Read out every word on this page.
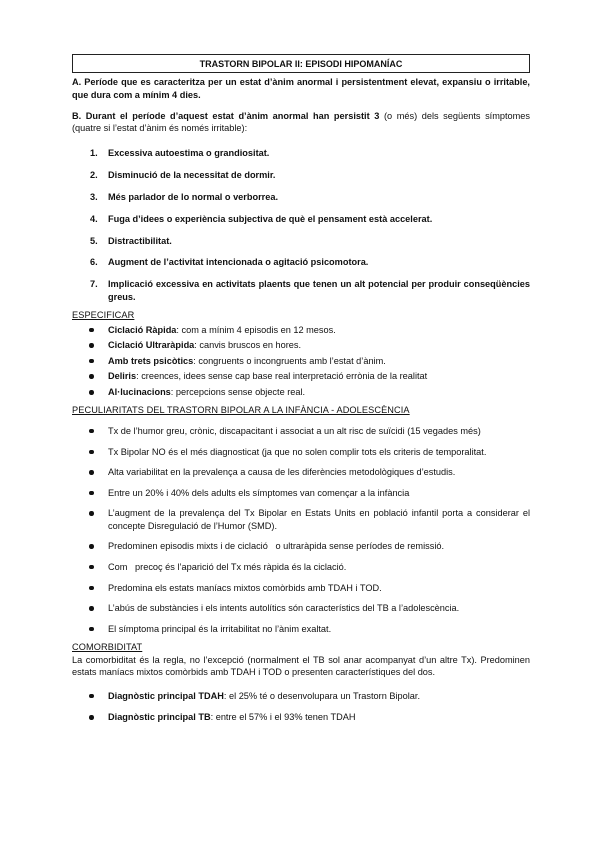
TRASTORN BIPOLAR II: EPISODI HIPOMANÍAC

A. Període que es caracteritza per un estat d’ànim anormal i persistentment elevat, expansiu o irritable, que dura com a mínim 4 dies.

B. Durant el període d’aquest estat d’ànim anormal han persistit 3 (o més) dels següents símptomes (quatre si l’estat d’ànim és només irritable):

1. Excessiva autoestima o grandiositat.
2. Disminució de la necessitat de dormir.
3. Més parlador de lo normal o verborrea.
4. Fuga d’idees o experiència subjectiva de què el pensament està accelerat.
5. Distractibilitat.
6. Augment de l’activitat intencionada o agitació psicomotora.
7. Implicació excessiva en activitats plaents que tenen un alt potencial per produir conseqüències greus.
ESPECIFICAR
Ciclació Ràpida: com a mínim 4 episodis en 12 mesos.
Ciclació Ultraràpida: canvis bruscos en hores.
Amb trets psicòtics: congruents o incongruents amb l’estat d’ànim.
Deliris: creences, idees sense cap base real interpretació errònia de la realitat
Al·lucinacions: percepcions sense objecte real.
PECULIARITATS DEL TRASTORN BIPOLAR A LA INFÀNCIA - ADOLESCÈNCIA
Tx de l’humor greu, crònic, discapacitant i associat a un alt risc de suïcidi (15 vegades més)
Tx Bipolar NO és el més diagnosticat (ja que no solen complir tots els criteris de temporalitat.
Alta variabilitat en la prevalença a causa de les diferències metodològiques d’estudis.
Entre un 20% i 40% dels adults els símptomes van començar a la infància
L’augment de la prevalença del Tx Bipolar en Estats Units en població infantil porta a considerar el concepte Disregulació de l’Humor (SMD).
Predominen episodis mixts i de ciclació   o ultraràpida sense períodes de remissió.
Com   precoç és l’aparició del Tx més ràpida és la ciclació.
Predomina els estats maníacs mixtos comòrbids amb TDAH i TOD.
L’abús de substàncies i els intents autolítics són característics del TB a l’adolescència.
El símptoma principal és la irritabilitat no l’ànim exaltat.
COMORBIDITAT

La comorbiditat és la regla, no l’excepció (normalment el TB sol anar acompanyat d’un altre Tx). Predominen estats maníacs mixtos comòrbids amb TDAH i TOD o presenten característiques del dos.

Diagnòstic principal TDAH: el 25% té o desenvolupara un Trastorn Bipolar.
Diagnòstic principal TB: entre el 57% i el 93% tenen TDAH
